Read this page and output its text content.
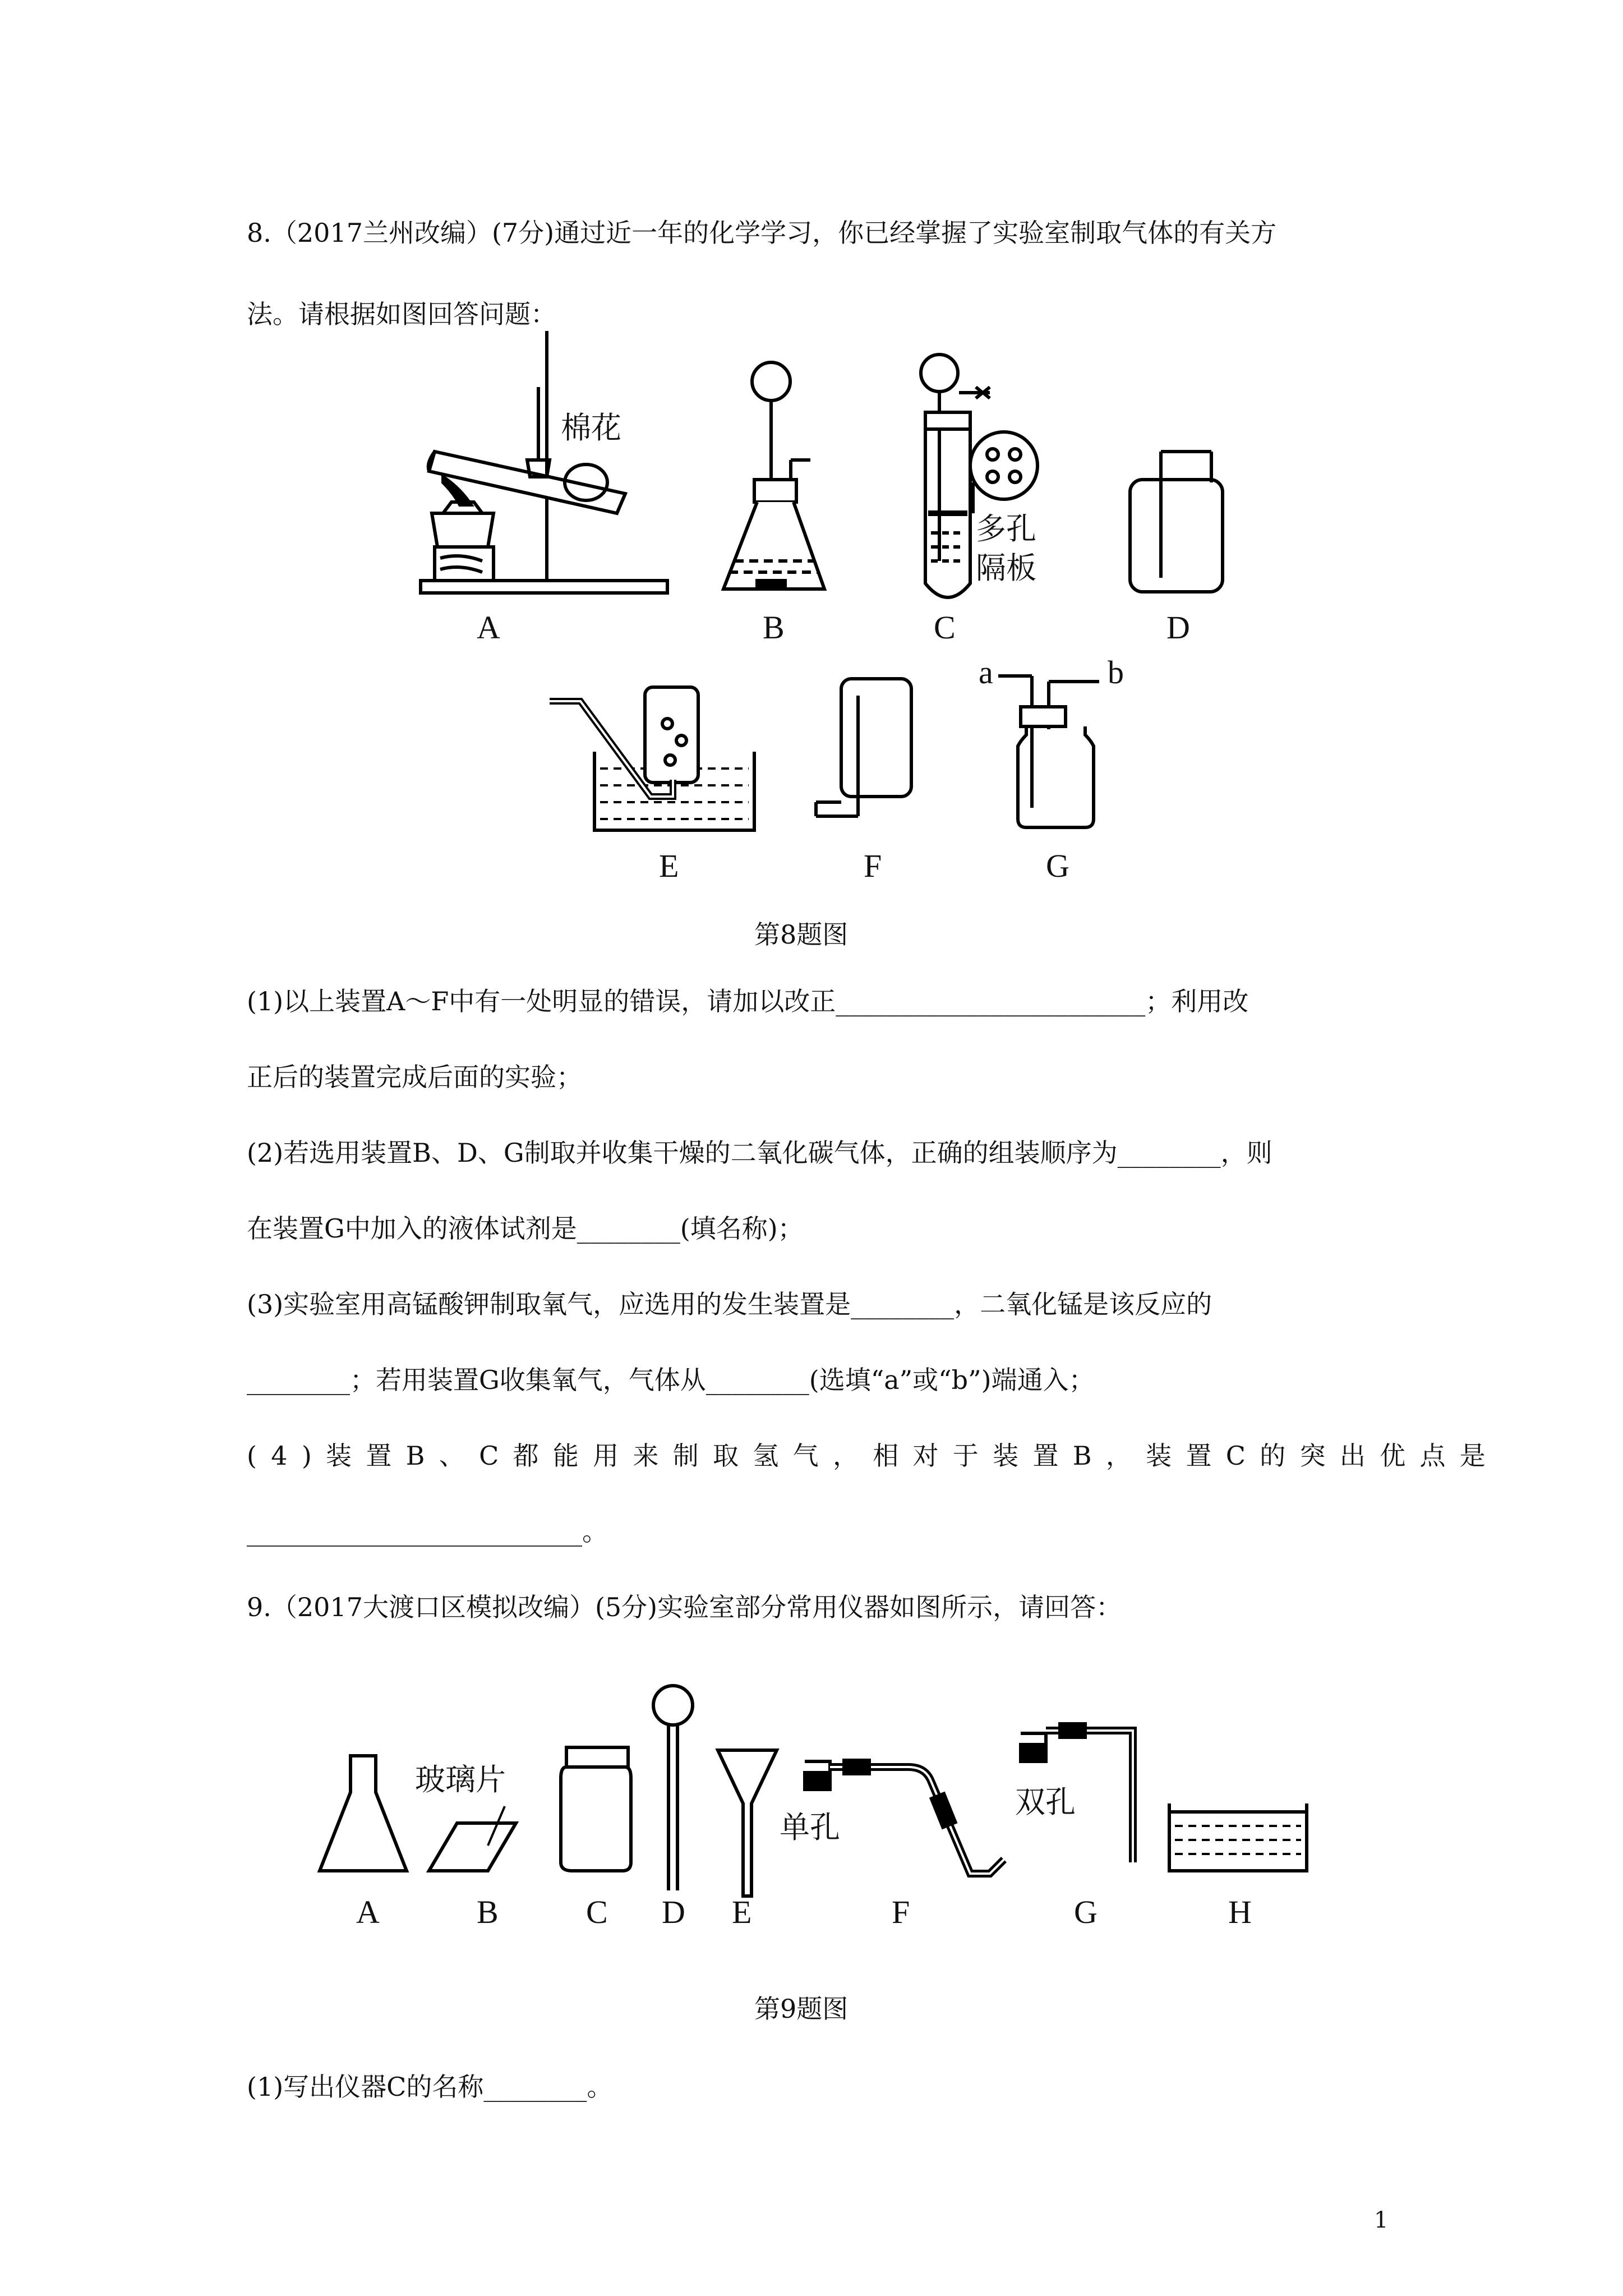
8.（2017兰州改编）(7分)通过近一年的化学学习，你已经掌握了实验室制取气体的有关方
法。请根据如图回答问题：
棉花
多孔
隔板
a	b
A	B	C	D
E	F	G
第8题图
(1)以上装置A～F中有一处明显的错误，请加以改正________________________；利用改
正后的装置完成后面的实验；
(2)若选用装置B、D、G制取并收集干燥的二氧化碳气体，正确的组装顺序为________，则
在装置G中加入的液体试剂是________(填名称)；
(3)实验室用高锰酸钾制取氧气，应选用的发生装置是________，二氧化锰是该反应的
________；若用装置G收集氧气，气体从________(选填“a”或“b”)端通入；
(4)装置B、C都能用来制取氢气，相对于装置B，装置C的突出优点是
__________________________。
9.（2017大渡口区模拟改编）(5分)实验室部分常用仪器如图所示，请回答：
玻璃片
单孔
双孔
A	B	C D E	F	G	H
第9题图
(1)写出仪器C的名称________。
1
